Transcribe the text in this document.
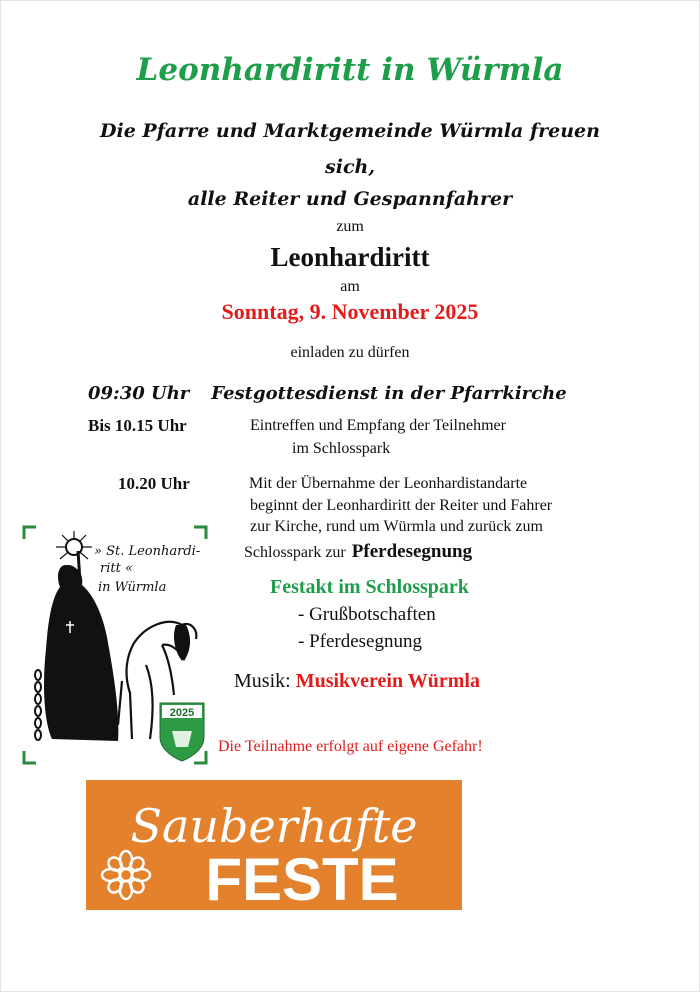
Leonhardiritt in Würmla
Die Pfarre und Marktgemeinde Würmla freuen
sich,
alle Reiter und Gespannfahrer
zum
Leonhardiritt
am
Sonntag, 9. November 2025
einladen zu dürfen
09:30 Uhr Festgottesdienst in der Pfarrkirche
Bis 10.15 Uhr	Eintreffen und Empfang der Teilnehmer
im Schlosspark
10.20 Uhr	Mit der Übernahme der Leonhardistandarte
beginnt der Leonhardiritt der Reiter und Fahrer
zur Kirche, rund um Würmla und zurück zum
Schlosspark zur Pferdesegnung
Festakt im Schlosspark
- Grußbotschaften
- Pferdesegnung
Musik: Musikverein Würmla
Die Teilnahme erfolgt auf eigene Gefahr!
» St. Leonhardi-
ritt «
in Würmla
2025
Sauberhafte
FESTE
